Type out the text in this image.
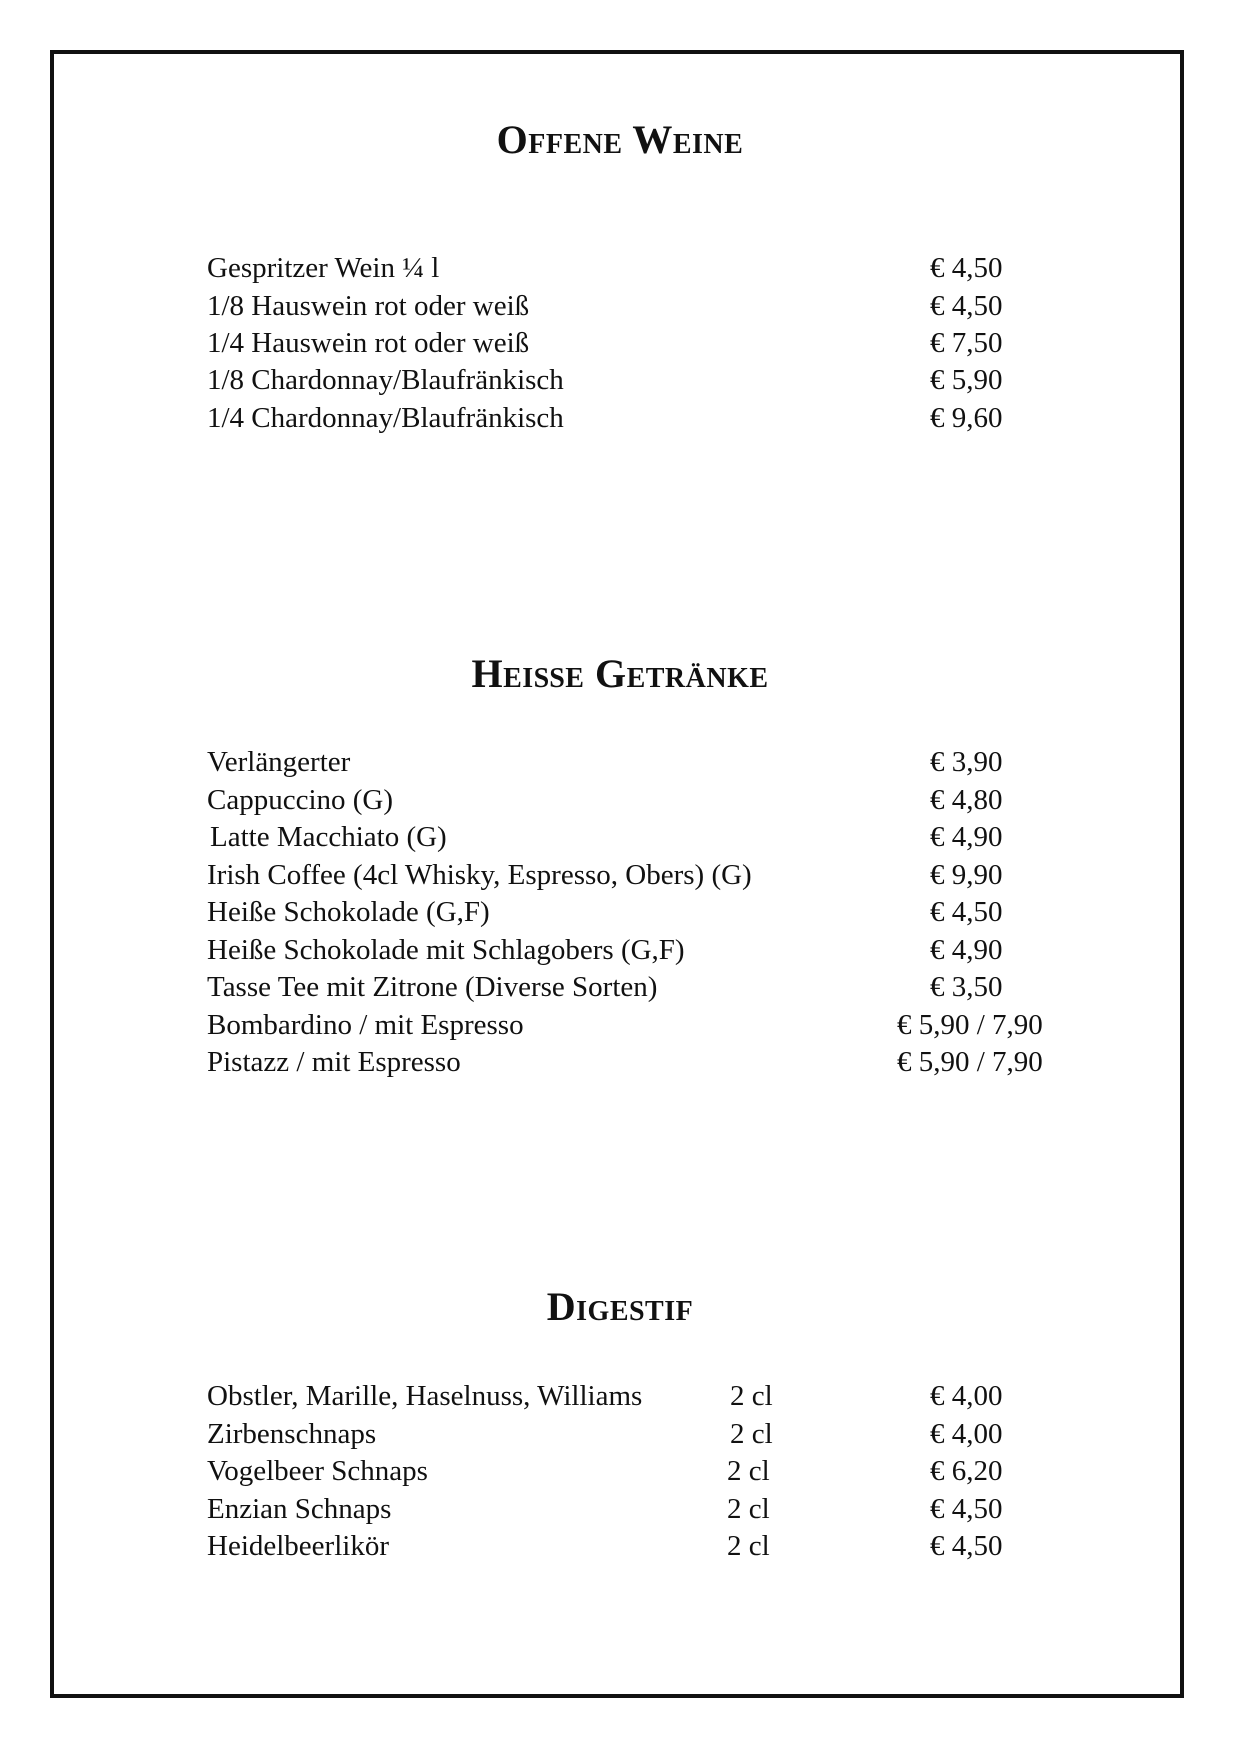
Offene Weine
Gespritzer Wein ¼ l	€ 4,50
1/8 Hauswein rot oder weiß	€ 4,50
1/4 Hauswein rot oder weiß	€ 7,50
1/8 Chardonnay/Blaufränkisch	€ 5,90
1/4 Chardonnay/Blaufränkisch	€ 9,60
Heiße Getränke
Verlängerter	€ 3,90
Cappuccino (G)	€ 4,80
Latte Macchiato (G)	€ 4,90
Irish Coffee (4cl Whisky, Espresso, Obers) (G)	€ 9,90
Heiße Schokolade (G,F)	€ 4,50
Heiße Schokolade mit Schlagobers (G,F)	€ 4,90
Tasse Tee mit Zitrone (Diverse Sorten)	€ 3,50
Bombardino / mit Espresso	€ 5,90 / 7,90
Pistazz / mit Espresso	€ 5,90 / 7,90
Digestif
Obstler, Marille, Haselnuss, Williams	2 cl	€ 4,00
Zirbenschnaps	2 cl	€ 4,00
Vogelbeer Schnaps	2 cl	€ 6,20
Enzian Schnaps	2 cl	€ 4,50
Heidelbeerlikör	2 cl	€ 4,50
